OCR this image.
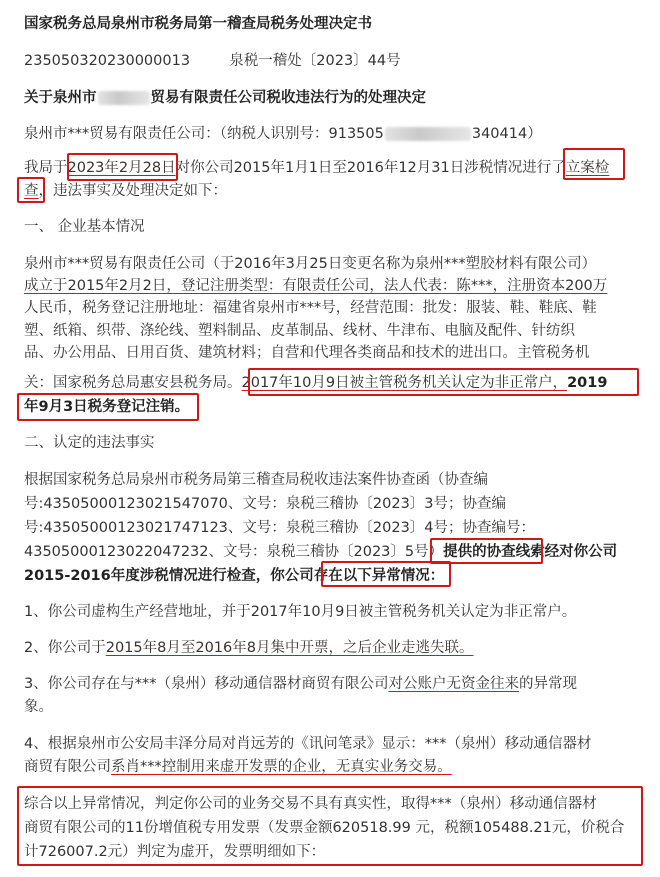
国家税务总局泉州市税务局第一稽查局税务处理决定书
235050320230000013	泉税一稽处〔2023〕44号
关于泉州市	贸易有限责任公司税收违法行为的处理决定
泉州市***贸易有限责任公司：（纳税人识别号：913505	340414）
我局于2023年2月28日对你公司2015年1月1日至2016年12月31日涉税情况进行了立案检
查，违法事实及处理决定如下：
一、 企业基本情况
泉州市***贸易有限责任公司（于2016年3月25日变更名称为泉州***塑胶材料有限公司）
成立于2015年2月2日，登记注册类型：有限责任公司，法人代表：陈***，注册资本200万
人民币，税务登记注册地址：福建省泉州市***号，经营范围：批发：服装、鞋、鞋底、鞋
塑、纸箱、织带、涤纶线、塑料制品、皮革制品、线材、牛津布、电脑及配件、针纺织
品、办公用品、日用百货、建筑材料；自营和代理各类商品和技术的进出口。主管税务机
关：国家税务总局惠安县税务局。2017年10月9日被主管税务机关认定为非正常户，2019
年9月3日税务登记注销。
二、认定的违法事实
根据国家税务总局泉州市税务局第三稽查局税收违法案件协查函（协查编
号:43505000123021547070、文号：泉税三稽协〔2023〕3号；协查编
号:43505000123021747123、文号：泉税三稽协〔2023〕4号；协查编号：
43505000123022047232、文号：泉税三稽协〔2023〕5号）提供的协查线索经对你公司
2015-2016年度涉税情况进行检查，你公司存在以下异常情况：
1、你公司虚构生产经营地址，并于2017年10月9日被主管税务机关认定为非正常户。
2、你公司于2015年8月至2016年8月集中开票，之后企业走逃失联。
3、你公司存在与***（泉州）移动通信器材商贸有限公司对公账户无资金往来的异常现
象。
4、根据泉州市公安局丰泽分局对肖远芳的《讯问笔录》显示：***（泉州）移动通信器材
商贸有限公司系肖***控制用来虚开发票的企业，无真实业务交易。
综合以上异常情况，判定你公司的业务交易不具有真实性，取得***（泉州）移动通信器材
商贸有限公司的11份增值税专用发票（发票金额620518.99 元，税额105488.21元，价税合
计726007.2元）判定为虚开，发票明细如下：
